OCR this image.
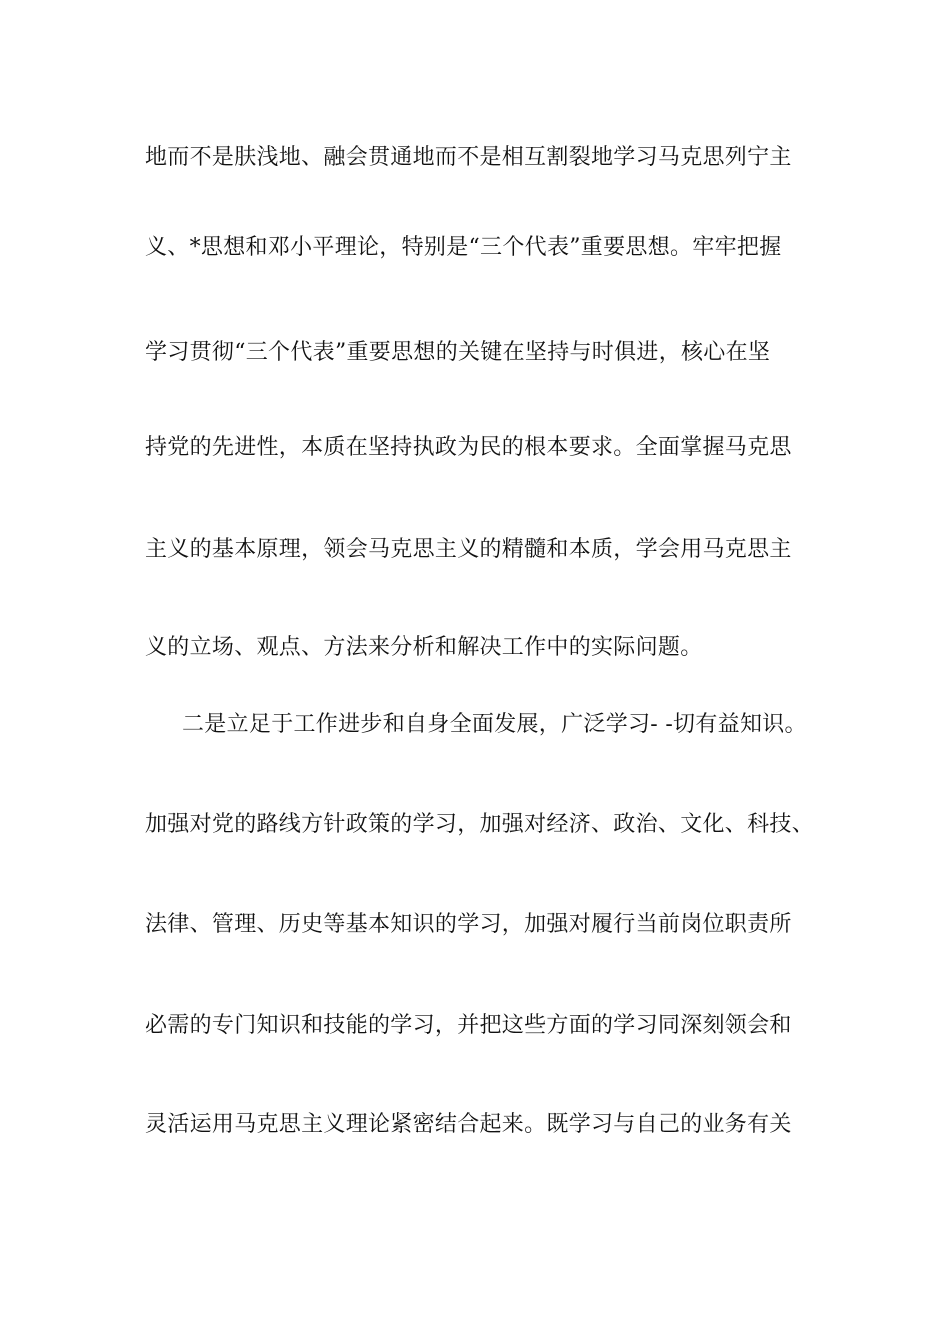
地而不是肤浅地、融会贯通地而不是相互割裂地学习马克思列宁主
义、*思想和邓小平理论，特别是“三个代表”重要思想。牢牢把握
学习贯彻“三个代表”重要思想的关键在坚持与时俱进，核心在坚
持党的先进性，本质在坚持执政为民的根本要求。全面掌握马克思
主义的基本原理，领会马克思主义的精髓和本质，学会用马克思主
义的立场、观点、方法来分析和解决工作中的实际问题。
二是立足于工作进步和自身全面发展，广泛学习- -切有益知识。
加强对党的路线方针政策的学习，加强对经济、政治、文化、科技、
法律、管理、历史等基本知识的学习，加强对履行当前岗位职责所
必需的专门知识和技能的学习，并把这些方面的学习同深刻领会和
灵活运用马克思主义理论紧密结合起来。既学习与自己的业务有关
